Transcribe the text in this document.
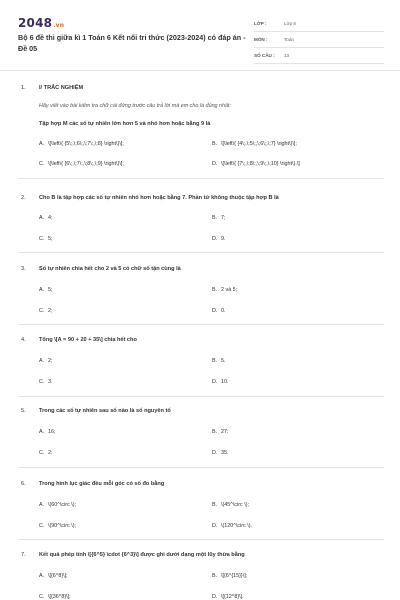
2048.vn
Bộ 6 đề thi giữa kì 1 Toán 6 Kết nối tri thức (2023-2024) có đáp án - Đề 05
LỚP :	Lớp 6
MÔN :	Toán
SỐ CÂU :	13
1. I/ TRẮC NGHIỆM
Hãy viết vào bài kiểm tra chữ cái đứng trước câu trả lời mà em cho là đúng nhất:
Tập hợp M các số tự nhiên lớn hơn 5 và nhỏ hơn hoặc bằng 9 là
A. \[\left\{ {5\;,\;6\;,\;7\;,\;8} \right\}\];	B. \[\left\{ {4\;,\;5\;,\;6\;,\;7} \right\}\];
C. \[\left\{ {6\;,\;7\;,\;8\;,\;9} \right\}\];	D. \[\left\{ {7\;,\;8\;,\;9\;,\;10} \right\}.\]
2. Cho B là tập hợp các số tự nhiên nhỏ hơn hoặc bằng 7. Phần tử không thuộc tập hợp B là
A. 4;	B. 7;
C. 5;	D. 9.
3. Số tự nhiên chia hết cho 2 và 5 có chữ số tận cùng là
A. 5;	B. 2 và 5;
C. 2;	D. 0.
4. Tổng \[A = 90 + 20 + 35\] chia hết cho
A. 2;	B. 5.
C. 3.	D. 10.
5. Trong các số tự nhiên sau số nào là số nguyên tố
A. 16;	B. 27;
C. 2;	D. 35.
6. Trong hình lục giác đều mỗi góc có số đo bằng
A. \(60^\circ \);	B. \(45^\circ \);
C. \(90^\circ \);	D. \(120^\circ \).
7. Kết quả phép tính \[{6^5} \cdot {6^3}\] được ghi dưới dạng một lũy thừa bằng
A. \[{6^8}\];	B. \[{6^{15}}\];
C. \[{36^8}\];	D. \[{12^8}\].
